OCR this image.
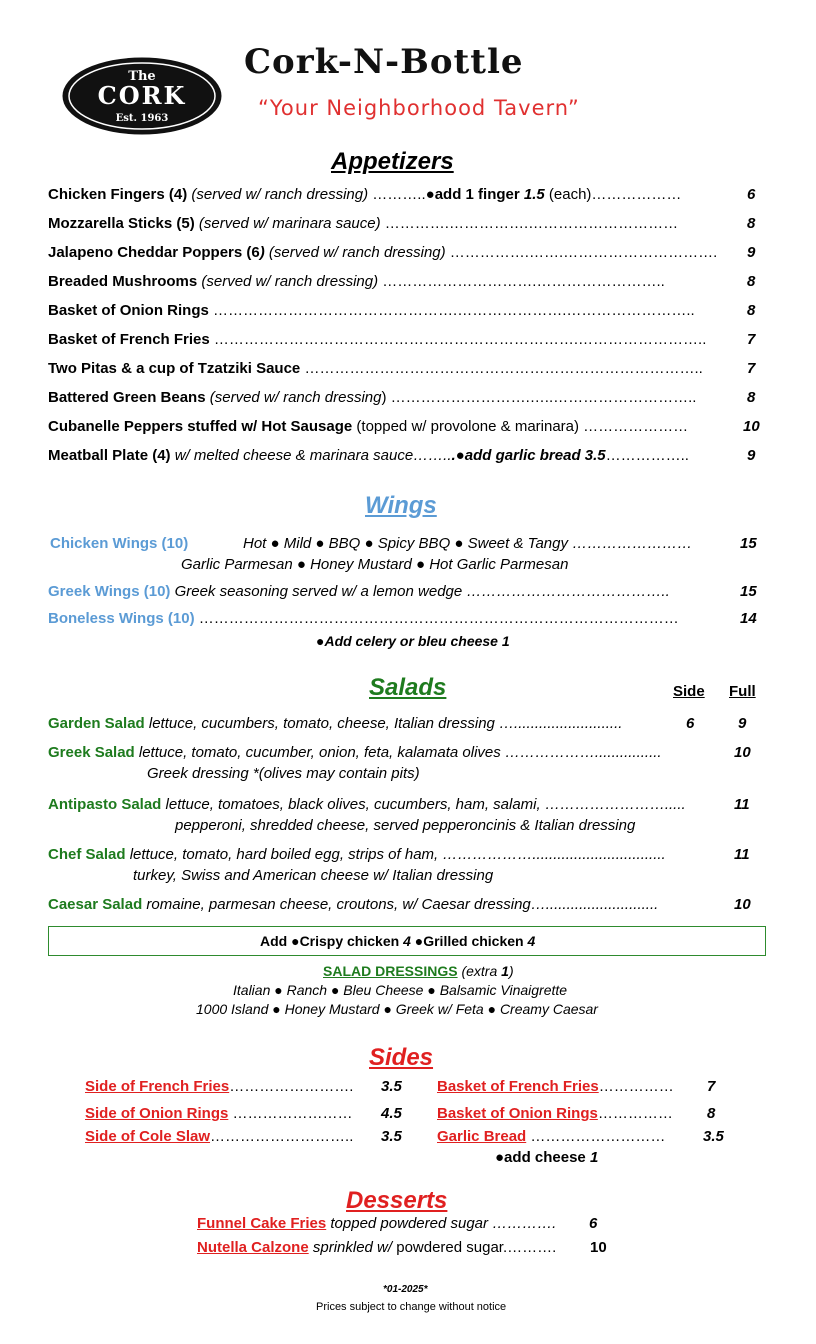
The
CORK
Est. 1963
Cork-N-Bottle
“Your Neighborhood Tavern”
Appetizers
Chicken Fingers (4) (served w/ ranch dressing) ………..●add 1 finger 1.5 (each)………………	6
Mozzarella Sticks (5) (served w/ marinara sauce) ………….…………….…………………………	8
Jalapeno Cheddar Poppers (6) (served w/ ranch dressing) …………….…….…………………………. 9
Breaded Mushrooms (served w/ ranch dressing) ………………………….……………………..	8
Basket of Onion Rings ………………………………………….………………….……………………..	8
Basket of French Fries ……………………………………………………………….……………………..	7
Two Pitas & a cup of Tzatziki Sauce ……………………………………………………………………..	7
Battered Green Beans (served w/ ranch dressing) ……………………….…..………………………..	8
Cubanelle Peppers stuffed w/ Hot Sausage (topped w/ provolone & marinara) …………………	10
Meatball Plate (4) w/ melted cheese & marinara sauce……...●add garlic bread 3.5……………..	9
Wings
Chicken Wings (10)	Hot ● Mild ● BBQ ● Spicy BBQ ● Sweet & Tangy ……………………	15
Garlic Parmesan ● Honey Mustard ● Hot Garlic Parmesan
Greek Wings (10) Greek seasoning served w/ a lemon wedge …………………………………..	15
Boneless Wings (10) ……………………………………………………………………………………	14
●Add celery or bleu cheese 1
Salads	Side Full
Garden Salad lettuce, cucumbers, tomato, cheese, Italian dressing …..........................	6	9
Greek Salad lettuce, tomato, cucumber, onion, feta, kalamata olives ………………................	10
Greek dressing *(olives may contain pits)
Antipasto Salad lettuce, tomatoes, black olives, cucumbers, ham, salami, …………………….....	11
pepperoni, shredded cheese, served pepperoncinis & Italian dressing
Chef Salad lettuce, tomato, hard boiled egg, strips of ham, ………………................................	11
turkey, Swiss and American cheese w/ Italian dressing
Caesar Salad romaine, parmesan cheese, croutons, w/ Caesar dressing…...........................	10
Add ●Crispy chicken 4 ●Grilled chicken 4
SALAD DRESSINGS (extra 1)
Italian ● Ranch ● Bleu Cheese ● Balsamic Vinaigrette
1000 Island ● Honey Mustard ● Greek w/ Feta ● Creamy Caesar
Sides
Side of French Fries……………………. 3.5
Side of Onion Rings …………………… 4.5
Side of Cole Slaw……………………….. 3.5
Basket of French Fries…………… 7
Basket of Onion Rings…………… 8
Garlic Bread ………………………	3.5
●add cheese 1
Desserts
Funnel Cake Fries topped powdered sugar …………. 6
Nutella Calzone sprinkled w/ powdered sugar.………. 10
*01-2025*
Prices subject to change without notice
